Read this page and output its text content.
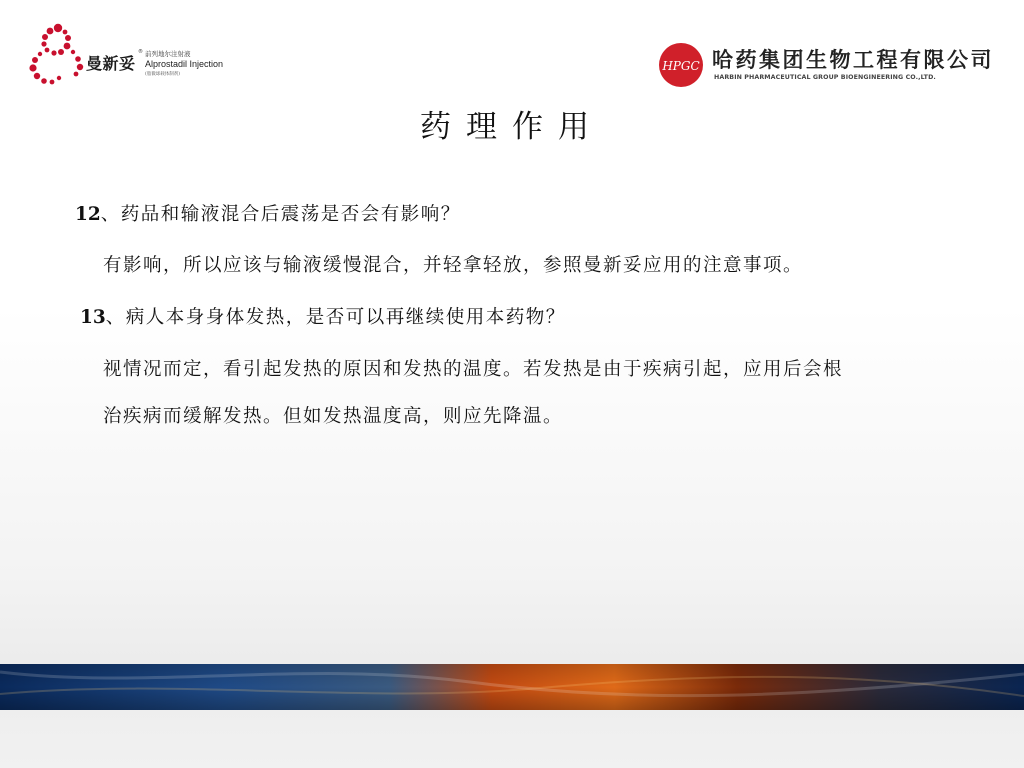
曼新妥
® 前列地尔注射液
Alprostadil Injection
(脂微球载体制剂)
HPGC 哈药集团生物工程有限公司
HARBIN PHARMACEUTICAL GROUP BIOENGINEERING CO.,LTD.
药理作用
12、药品和输液混合后震荡是否会有影响？
有影响，所以应该与输液缓慢混合，并轻拿轻放，参照曼新妥应用的注意事项。
13、病人本身身体发热，是否可以再继续使用本药物？
视情况而定，看引起发热的原因和发热的温度。若发热是由于疾病引起，应用后会根
治疾病而缓解发热。但如发热温度高，则应先降温。
